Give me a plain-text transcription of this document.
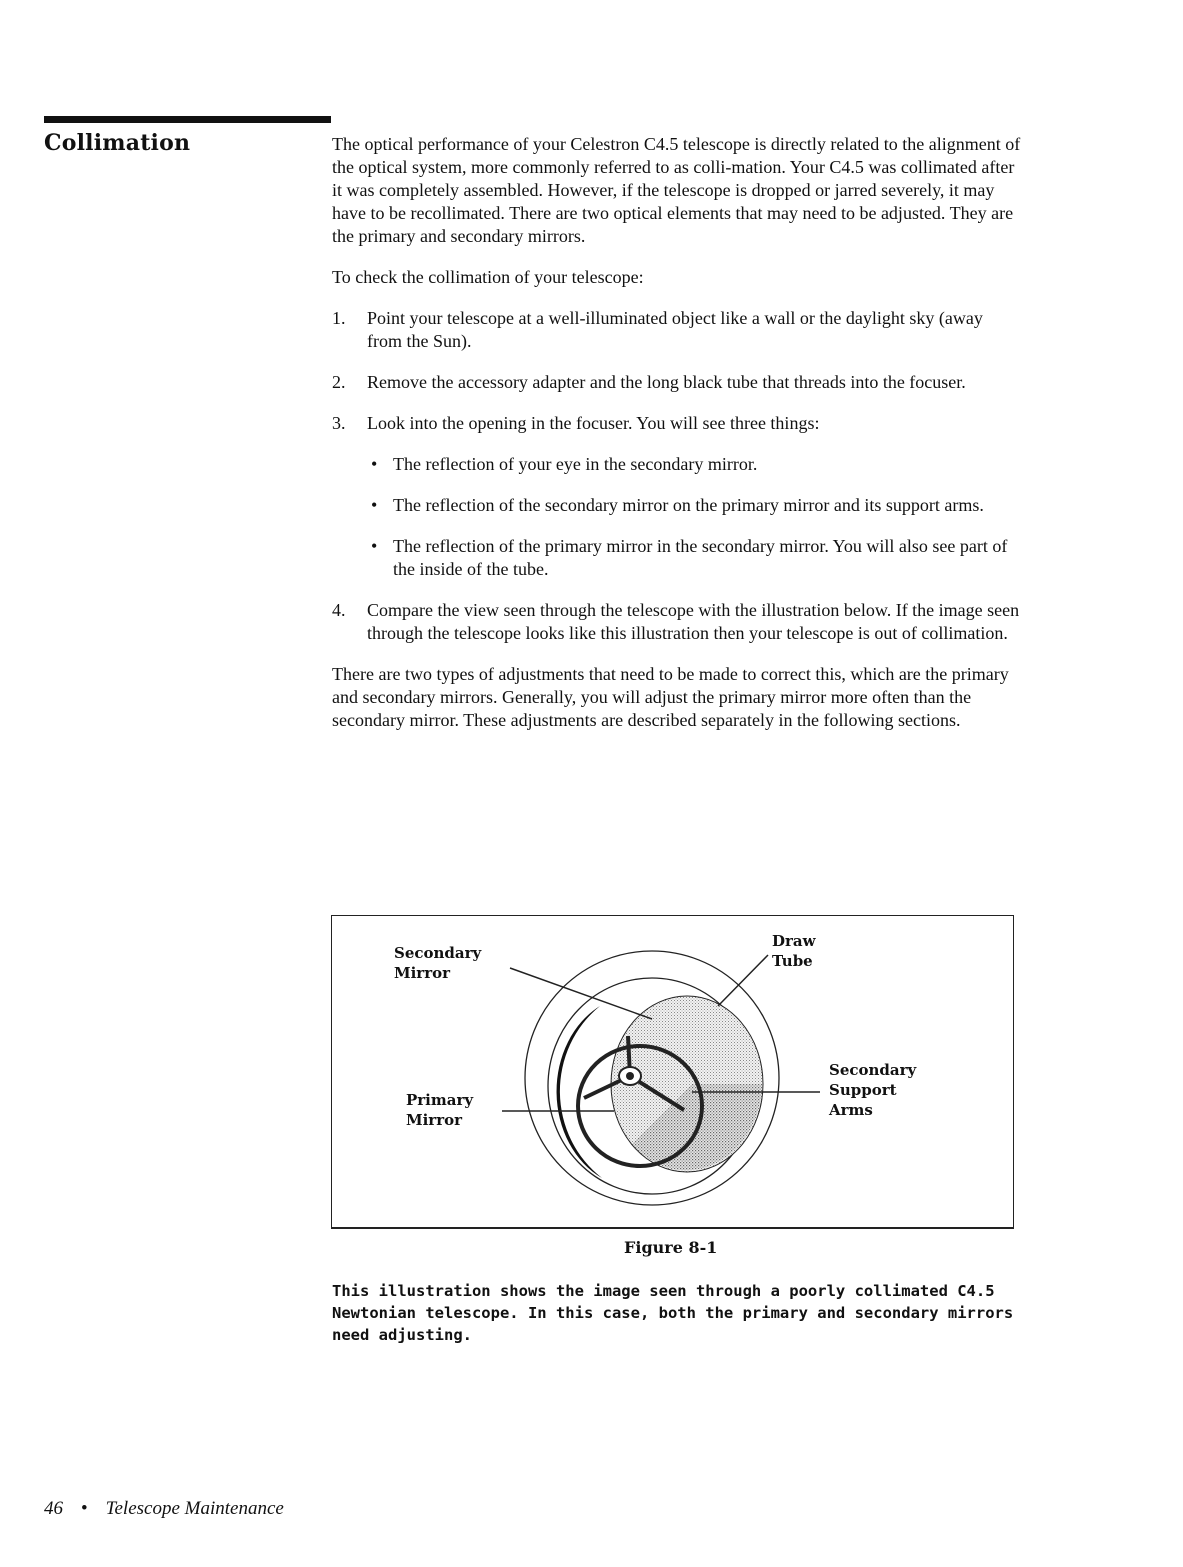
Collimation	The optical performance of your Celestron C4.5 telescope is directly related to the alignment of the optical system, more commonly referred to as colli-mation. Your C4.5 was collimated after it was completely assembled. However, if the telescope is dropped or jarred severely, it may have to be recollimated. There are two optical elements that may need to be adjusted. They are the primary and secondary mirrors.

To check the collimation of your telescope:

1. Point your telescope at a well-illuminated object like a wall or the daylight sky (away from the Sun).
2. Remove the accessory adapter and the long black tube that threads into the focuser.
3. Look into the opening in the focuser. You will see three things:
• The reflection of your eye in the secondary mirror.
• The reflection of the secondary mirror on the primary mirror and its support arms.
• The reflection of the primary mirror in the secondary mirror. You will also see part of the inside of the tube.
4. Compare the view seen through the telescope with the illustration below. If the image seen through the telescope looks like this illustration then your telescope is out of collimation.

There are two types of adjustments that need to be made to correct this, which are the primary and secondary mirrors. Generally, you will adjust the primary mirror more often than the secondary mirror. These adjustments are described separately in the following sections.

Secondary
Mirror
Draw
Tube
Primary
Mirror
Secondary
Support
Arms
Figure 8-1
This illustration shows the image seen through a poorly collimated C4.5 Newtonian telescope. In this case, both the primary and secondary mirrors need adjusting.
46 • Telescope Maintenance
